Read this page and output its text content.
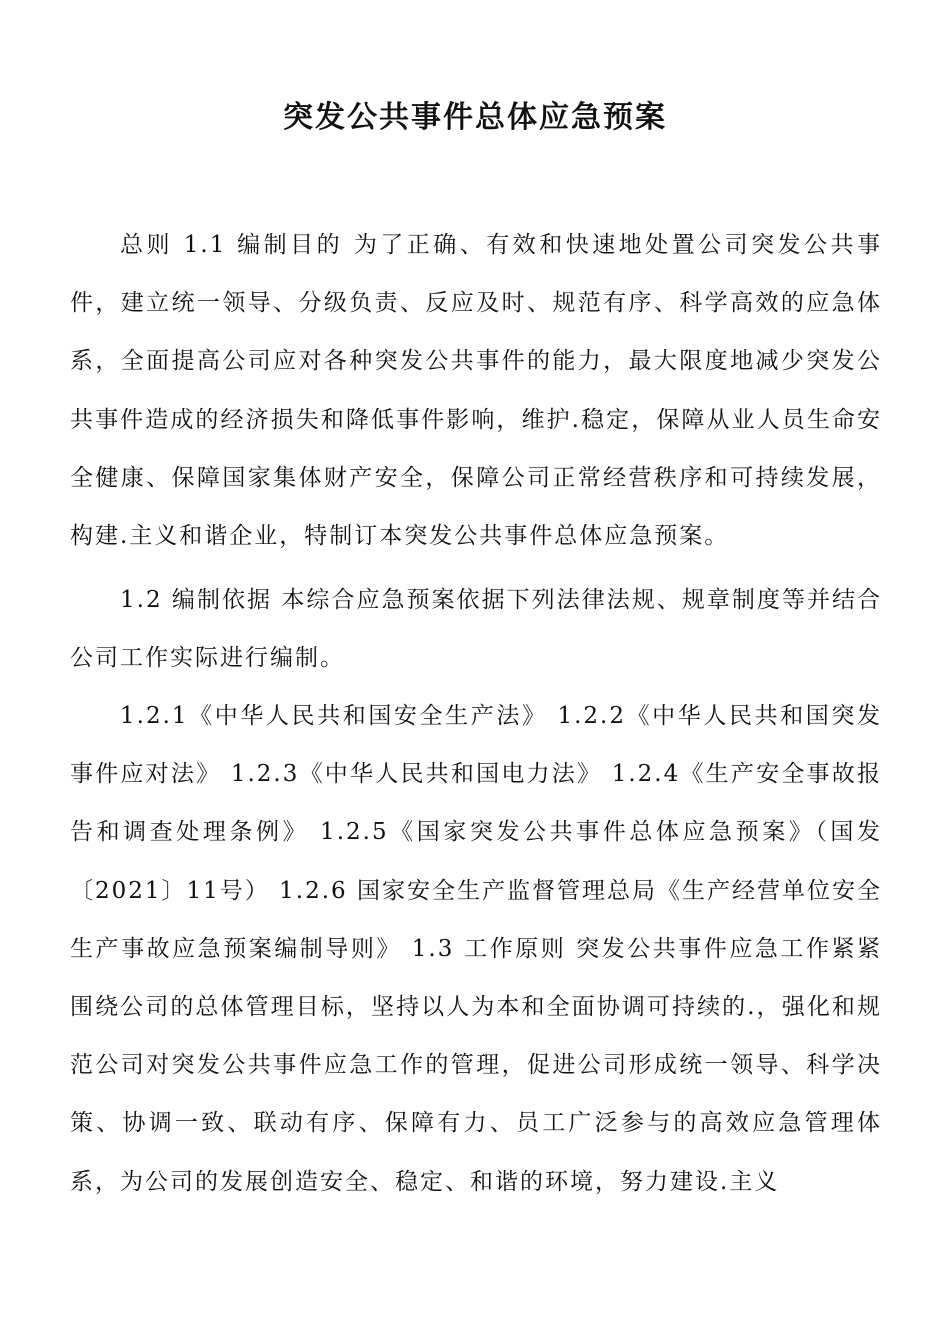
突发公共事件总体应急预案

总则 1.1 编制目的 为了正确、有效和快速地处置公司突发公共事件，建立统一领导、分级负责、反应及时、规范有序、科学高效的应急体系，全面提高公司应对各种突发公共事件的能力，最大限度地减少突发公共事件造成的经济损失和降低事件影响，维护.稳定，保障从业人员生命安全健康、保障国家集体财产安全，保障公司正常经营秩序和可持续发展，构建.主义和谐企业，特制订本突发公共事件总体应急预案。

1.2 编制依据 本综合应急预案依据下列法律法规、规章制度等并结合公司工作实际进行编制。

1.2.1《中华人民共和国安全生产法》 1.2.2《中华人民共和国突发事件应对法》 1.2.3《中华人民共和国电力法》 1.2.4《生产安全事故报告和调查处理条例》 1.2.5《国家突发公共事件总体应急预案》（国发〔2021〕11号） 1.2.6 国家安全生产监督管理总局《生产经营单位安全生产事故应急预案编制导则》 1.3 工作原则 突发公共事件应急工作紧紧围绕公司的总体管理目标，坚持以人为本和全面协调可持续的.，强化和规范公司对突发公共事件应急工作的管理，促进公司形成统一领导、科学决策、协调一致、联动有序、保障有力、员工广泛参与的高效应急管理体系，为公司的发展创造安全、稳定、和谐的环境，努力建设.主义
